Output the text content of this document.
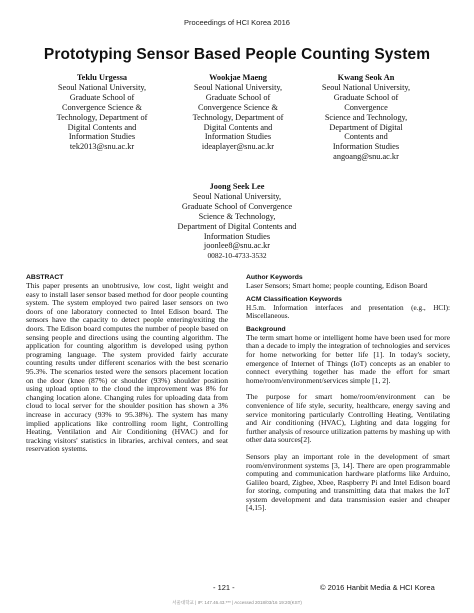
Proceedings of HCI Korea 2016
Prototyping Sensor Based People Counting System
Teklu Urgessa
Seoul National University,
Graduate School of
Convergence Science &
Technology, Department of
Digital Contents and
Information Studies
tek2013@snu.ac.kr
Wookjae Maeng
Seoul National University,
Graduate School of
Convergence Science &
Technology, Department of
Digital Contents and
Information Studies
ideaplayer@snu.ac.kr
Kwang Seok An
Seoul National University,
Graduate School of
Convergence
Science and Technology,
Department of Digital
Contents and
Information Studies
angoang@snu.ac.kr
Joong Seek Lee
Seoul National University,
Graduate School of Convergence
Science & Technology,
Department of Digital Contents and
Information Studies
joonlee8@snu.ac.kr
0082-10-4733-3532

ABSTRACT

This paper presents an unobtrusive, low cost, light weight and easy to install laser sensor based method for door people counting system. The system employed two paired laser sensors on two doors of one laboratory connected to Intel Edison board. The sensors have the capacity to detect people entering/exiting the doors. The Edison board computes the number of people based on sensing people and directions using the counting algorithm. The application for counting algorithm is developed using python programing language. The system provided fairly accurate counting results under different scenarios with the best scenario 95.3%. The scenarios tested were the sensors placement location on the door (knee (87%) or shoulder (93%) shoulder position using upload option to the cloud the improvement was 8% for changing location alone. Changing rules for uploading data from cloud to local server for the shoulder position has shown a 3% increase in accuracy (93% to 95.38%). The system has many implied applications like controlling room light, Controlling Heating, Ventilation and Air Conditioning (HVAC) and for tracking visitors' statistics in libraries, archival centers, and seat reservation systems.

Author Keywords

Laser Sensors; Smart home; people counting, Edison Board

ACM Classification Keywords

H.5.m. Information interfaces and presentation (e.g., HCI): Miscellaneous.

Background

The term smart home or intelligent home have been used for more than a decade to imply the integration of technologies and services for home networking for better life [1]. In today's society, emergence of Internet of Things (IoT) concepts as an enabler to connect everything together has made the effort for smart home/room/environment/services simple [1, 2].

The purpose for smart home/room/environment can be convenience of life style, security, healthcare, energy saving and service monitoring particularly Controlling Heating, Ventilating and Air conditioning (HVAC), Lighting and data logging for further analysis of resource utilization patterns by mashing up with other data sources[2].

Sensors play an important role in the development of smart room/environment systems [3, 14]. There are open programmable computing and communication hardware platforms like Arduino, Galileo board, Zigbee, Xbee, Raspberry Pi and Intel Edison board for storing, computing and transmitting data that makes the IoT system development and data transmission easier and cheaper [4,15].

- 121 -	© 2016 Hanbit Media & HCI Korea
서울대학교 | IP: 147.46.43.*** | Accessed 2018/03/16 19:20(KST)
